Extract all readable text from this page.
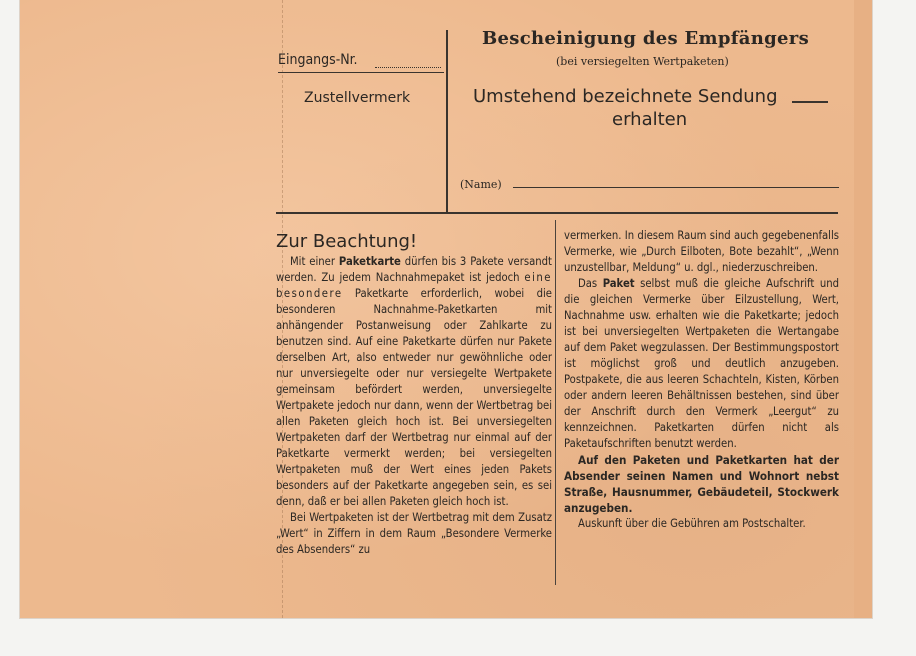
Eingangs-Nr.
Zustellvermerk
Bescheinigung des Empfängers
(bei versiegelten Wertpaketen)
Umstehend bezeichnete Sendung
erhalten
(Name)
Zur Beachtung!

Mit einer Paketkarte dürfen bis 3 Pakete versandt werden. Zu jedem Nachnahmepaket ist jedoch eine besondere Paketkarte erforderlich, wobei die besonderen Nachnahme-Paketkarten mit anhängender Postanweisung oder Zahlkarte zu benutzen sind. Auf eine Paketkarte dürfen nur Pakete derselben Art, also entweder nur gewöhnliche oder nur unversiegelte oder nur versiegelte Wertpakete gemeinsam befördert werden, unversiegelte Wertpakete jedoch nur dann, wenn der Wertbetrag bei allen Paketen gleich hoch ist. Bei unversiegelten Wertpaketen darf der Wertbetrag nur einmal auf der Paketkarte vermerkt werden; bei versiegelten Wertpaketen muß der Wert eines jeden Pakets besonders auf der Paketkarte angegeben sein, es sei denn, daß er bei allen Paketen gleich hoch ist.

Bei Wertpaketen ist der Wertbetrag mit dem Zusatz „Wert“ in Ziffern in dem Raum „Besondere Vermerke des Absenders“ zu

vermerken. In diesem Raum sind auch gegebenenfalls Vermerke, wie „Durch Eilboten, Bote bezahlt“, „Wenn unzustellbar, Meldung“ u. dgl., niederzuschreiben.

Das Paket selbst muß die gleiche Aufschrift und die gleichen Vermerke über Eilzustellung, Wert, Nachnahme usw. erhalten wie die Paketkarte; jedoch ist bei unversiegelten Wertpaketen die Wertangabe auf dem Paket wegzulassen. Der Bestimmungspostort ist möglichst groß und deutlich anzugeben. Postpakete, die aus leeren Schachteln, Kisten, Körben oder andern leeren Behältnissen bestehen, sind über der Anschrift durch den Vermerk „Leergut“ zu kennzeichnen. Paketkarten dürfen nicht als Paketaufschriften benutzt werden.

Auf den Paketen und Paketkarten hat der Absender seinen Namen und Wohnort nebst Straße, Hausnummer, Gebäudeteil, Stockwerk anzugeben.

Auskunft über die Gebühren am Postschalter.
